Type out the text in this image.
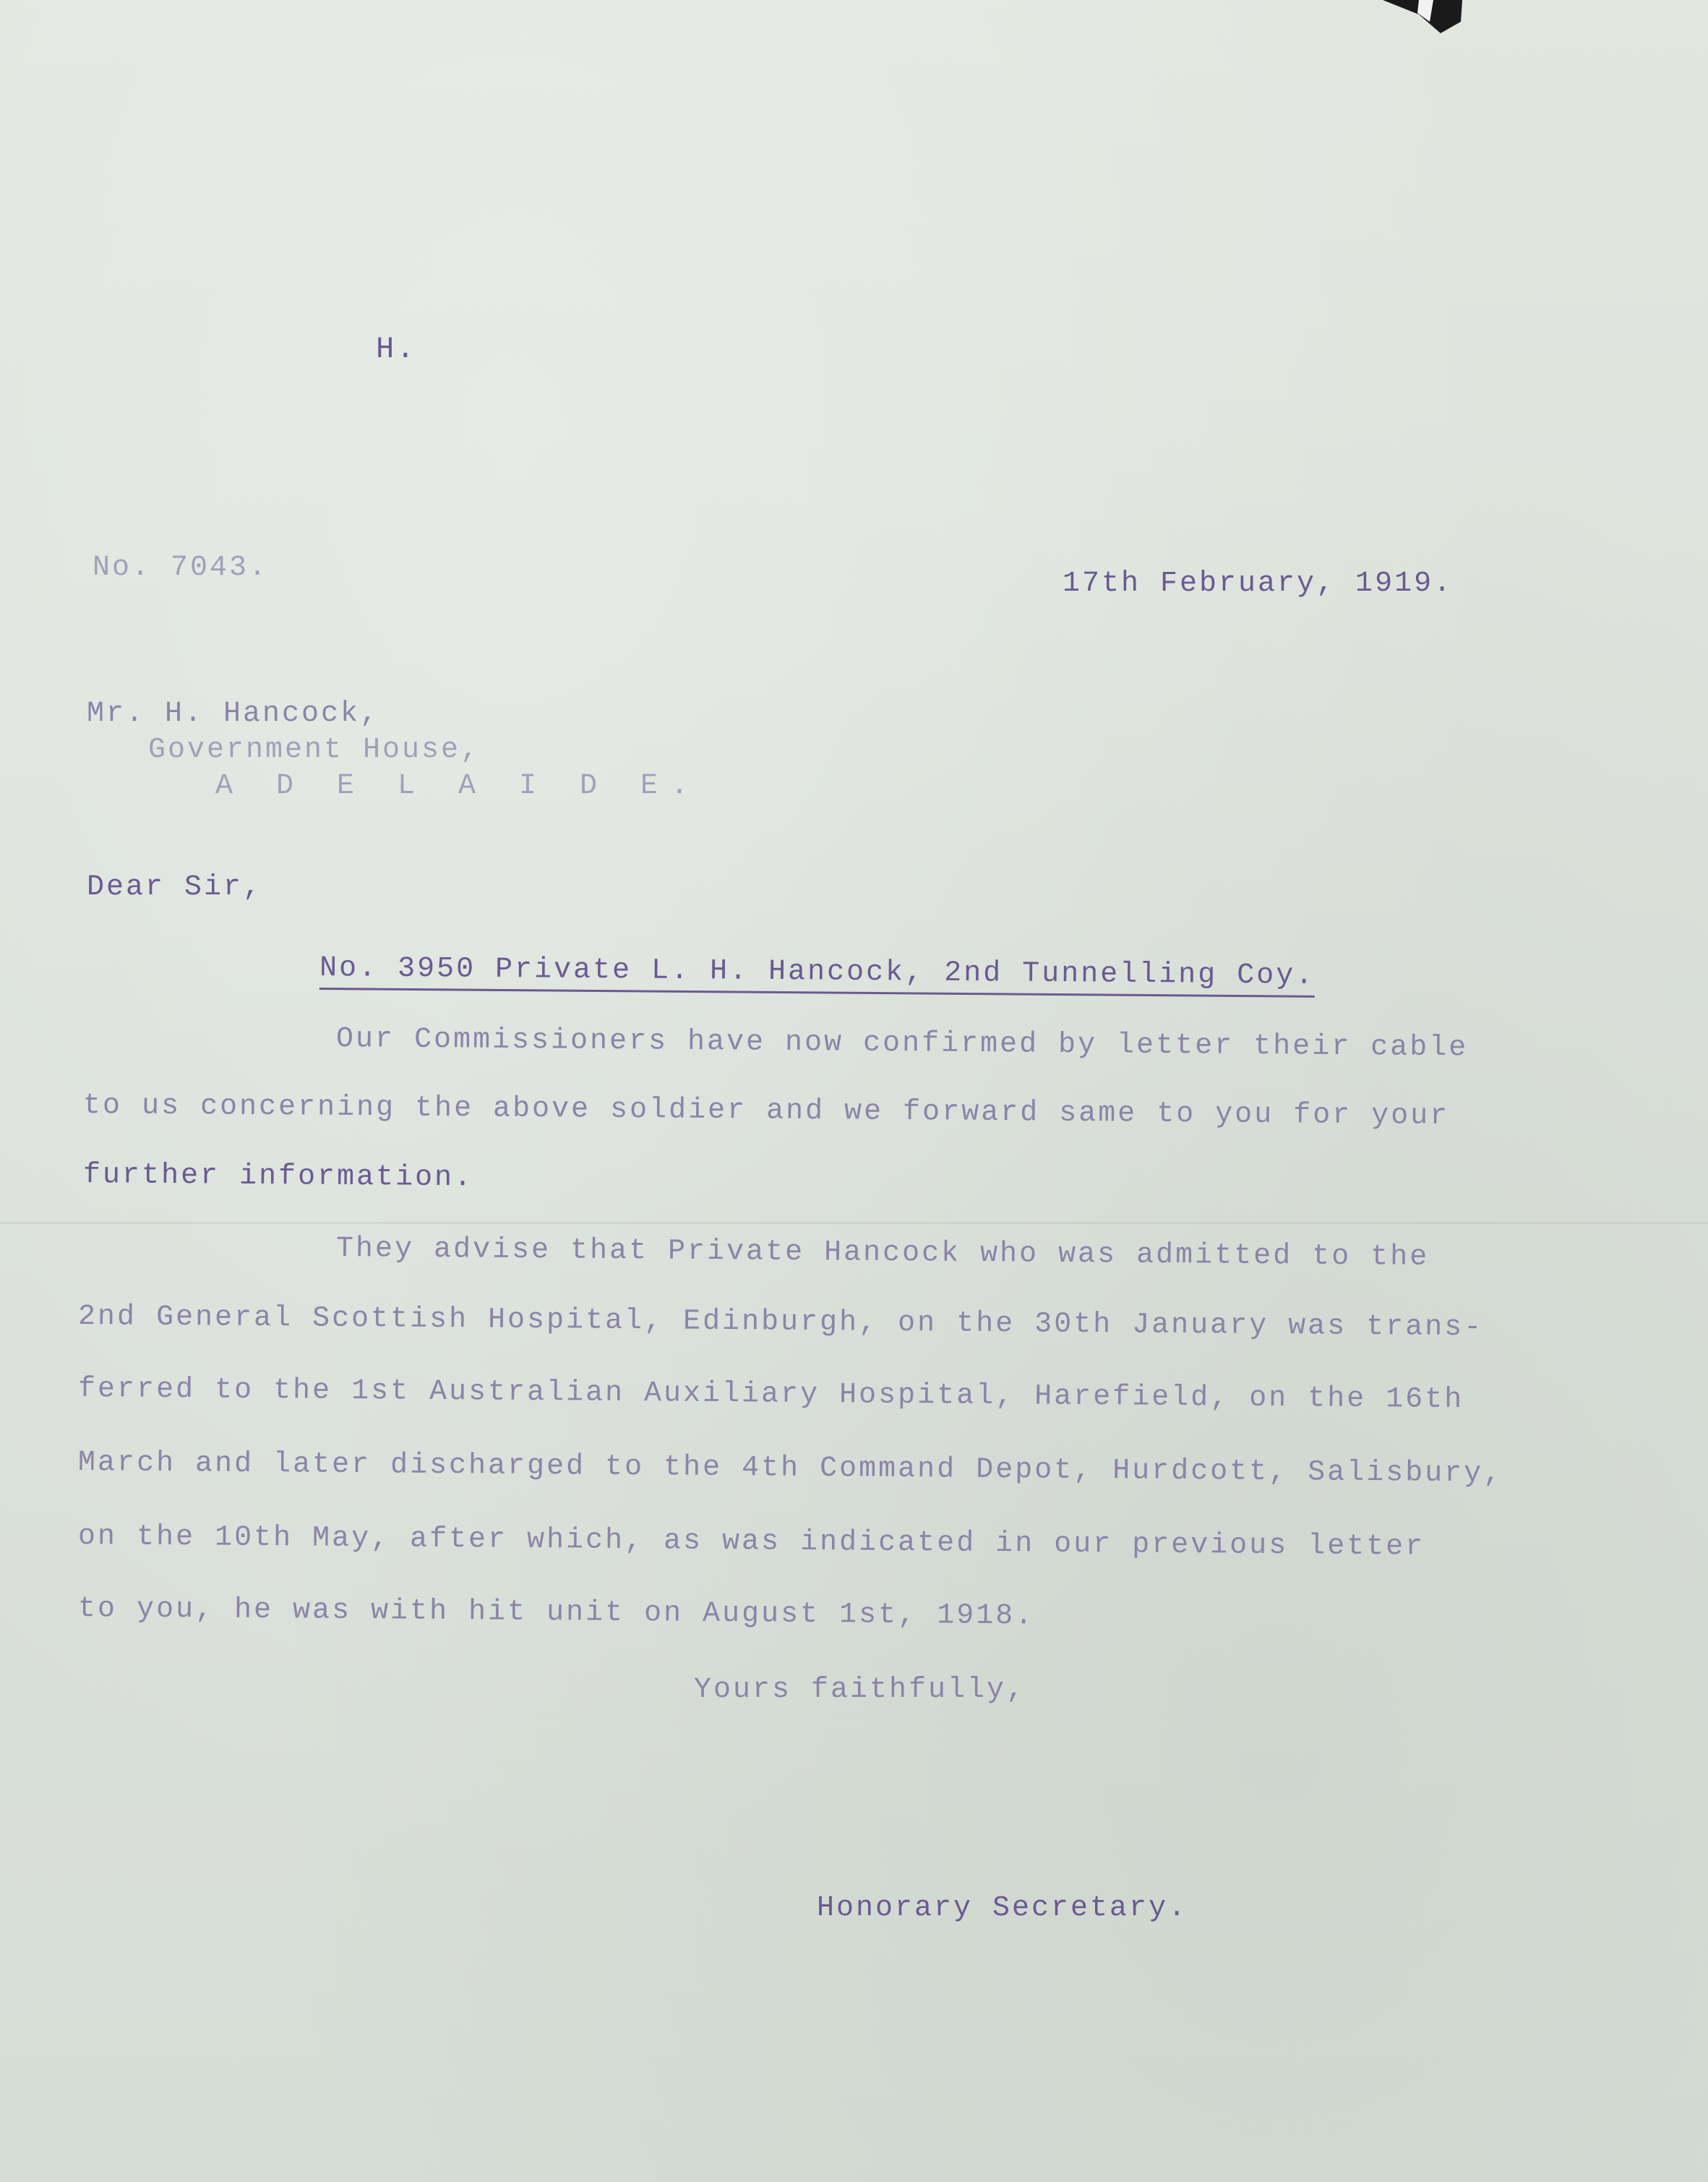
H.
No. 7043.	17th February, 1919.
Mr. H. Hancock,
Government House,
A D E L A I D E.
Dear Sir,
No. 3950 Private L. H. Hancock, 2nd Tunnelling Coy.
Our Commissioners have now confirmed by letter their cable
to us concerning the above soldier and we forward same to you for your
further information.
They advise that Private Hancock who was admitted to the
2nd General Scottish Hospital, Edinburgh, on the 30th January was trans-
ferred to the 1st Australian Auxiliary Hospital, Harefield, on the 16th
March and later discharged to the 4th Command Depot, Hurdcott, Salisbury,
on the 10th May, after which, as was indicated in our previous letter
to you, he was with hit unit on August 1st, 1918.
Yours faithfully,
Honorary Secretary.
